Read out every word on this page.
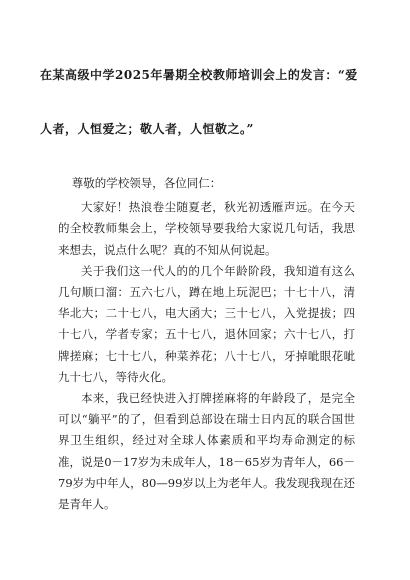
在某高级中学2025年暑期全校教师培训会上的发言：“爱
人者，人恒爱之；敬人者，人恒敬之。”

尊敬的学校领导，各位同仁：

大家好！热浪卷尘随夏老，秋光初透雁声远。在今天的全校教师集会上，学校领导要我给大家说几句话，我思来想去，说点什么呢？真的不知从何说起。

关于我们这一代人的的几个年龄阶段，我知道有这么几句顺口溜：五六七八，蹲在地上玩泥巴；十七十八，清华北大；二十七八，电大函大；三十七八，入党提拔；四十七八，学者专家；五十七八，退休回家；六十七八，打牌搓麻；七十七八，种菜养花；八十七八，牙掉呲眼花呲九十七八，等待火化。

本来，我已经快进入打牌搓麻将的年龄段了，是完全可以“躺平”的了，但看到总部设在瑞士日内瓦的联合国世界卫生组织，经过对全球人体素质和平均寿命测定的标准，说是0－17岁为未成年人，18－65岁为青年人，66－79岁为中年人，80—99岁以上为老年人。我发现我现在还是青年人。
